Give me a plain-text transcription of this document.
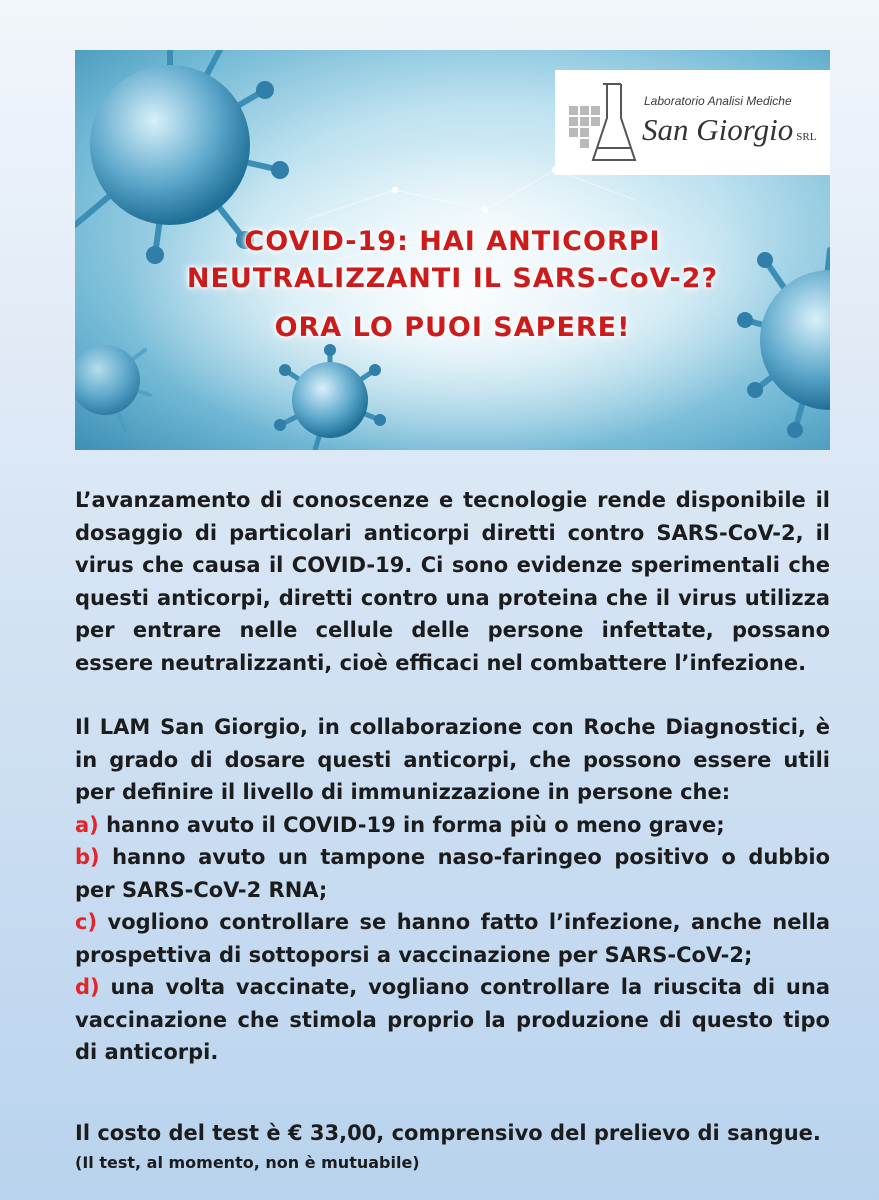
Laboratorio Analisi Mediche
San Giorgio SRL
COVID-19: HAI ANTICORPI
NEUTRALIZZANTI IL SARS-CoV-2?
ORA LO PUOI SAPERE!
L’avanzamento di conoscenze e tecnologie rende disponibile il dosaggio di particolari anticorpi diretti contro SARS-CoV-2, il virus che causa il COVID-19. Ci sono evidenze sperimentali che questi anticorpi, diretti contro una proteina che il virus utilizza per entrare nelle cellule delle persone infettate, possano essere neutralizzanti, cioè efficaci nel combattere l’infezione.
Il LAM San Giorgio, in collaborazione con Roche Diagnostici, è in grado di dosare questi anticorpi, che possono essere utili per definire il livello di immunizzazione in persone che:
a) hanno avuto il COVID-19 in forma più o meno grave;
b) hanno avuto un tampone naso-faringeo positivo o dubbio per SARS-CoV-2 RNA;
c) vogliono controllare se hanno fatto l’infezione, anche nella prospettiva di sottoporsi a vaccinazione per SARS-CoV-2;
d) una volta vaccinate, vogliano controllare la riuscita di una vaccinazione che stimola proprio la produzione di questo tipo di anticorpi.
Il costo del test è € 33,00, comprensivo del prelievo di sangue.
(Il test, al momento, non è mutuabile)
